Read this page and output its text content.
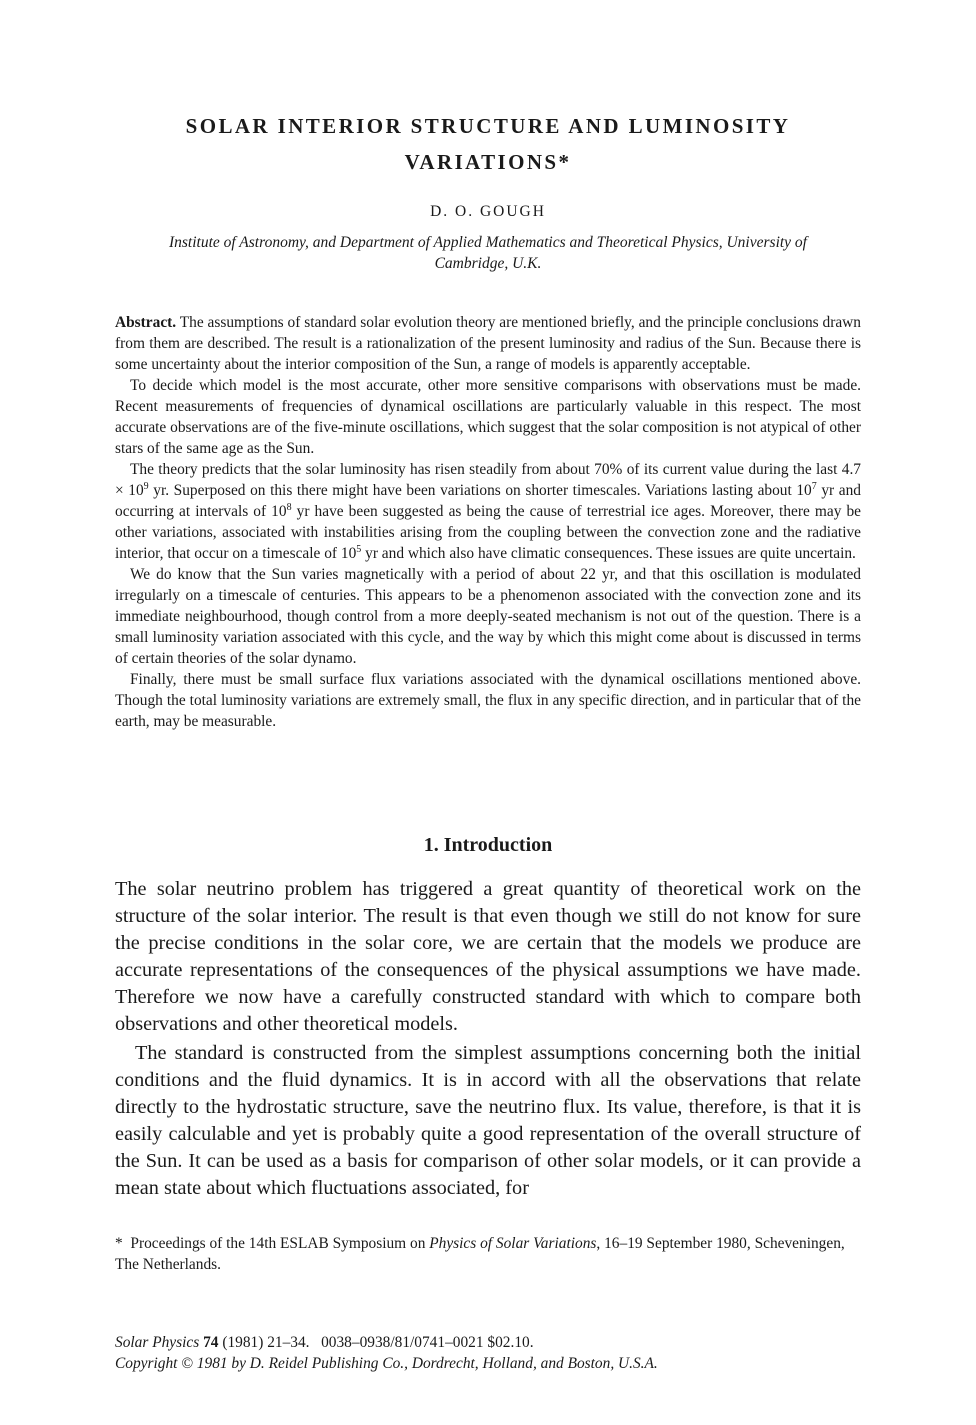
SOLAR INTERIOR STRUCTURE AND LUMINOSITY
VARIATIONS*
D. O. GOUGH
Institute of Astronomy, and Department of Applied Mathematics and Theoretical Physics, University of
Cambridge, U.K.

Abstract. The assumptions of standard solar evolution theory are mentioned briefly, and the principle conclusions drawn from them are described. The result is a rationalization of the present luminosity and radius of the Sun. Because there is some uncertainty about the interior composition of the Sun, a range of models is apparently acceptable.

To decide which model is the most accurate, other more sensitive comparisons with observations must be made. Recent measurements of frequencies of dynamical oscillations are particularly valuable in this respect. The most accurate observations are of the five-minute oscillations, which suggest that the solar composition is not atypical of other stars of the same age as the Sun.

The theory predicts that the solar luminosity has risen steadily from about 70% of its current value during the last $4.7 \times 10^9$ yr. Superposed on this there might have been variations on shorter timescales. Variations lasting about $10^7$ yr and occurring at intervals of $10^8$ yr have been suggested as being the cause of terrestrial ice ages. Moreover, there may be other variations, associated with instabilities arising from the coupling between the convection zone and the radiative interior, that occur on a timescale of $10^5$ yr and which also have climatic consequences. These issues are quite uncertain.

We do know that the Sun varies magnetically with a period of about 22 yr, and that this oscillation is modulated irregularly on a timescale of centuries. This appears to be a phenomenon associated with the convection zone and its immediate neighbourhood, though control from a more deeply-seated mechanism is not out of the question. There is a small luminosity variation associated with this cycle, and the way by which this might come about is discussed in terms of certain theories of the solar dynamo.

Finally, there must be small surface flux variations associated with the dynamical oscillations mentioned above. Though the total luminosity variations are extremely small, the flux in any specific direction, and in particular that of the earth, may be measurable.

1. Introduction

The solar neutrino problem has triggered a great quantity of theoretical work on the structure of the solar interior. The result is that even though we still do not know for sure the precise conditions in the solar core, we are certain that the models we produce are accurate representations of the consequences of the physical assumptions we have made. Therefore we now have a carefully constructed standard with which to compare both observations and other theoretical models.

The standard is constructed from the simplest assumptions concerning both the initial conditions and the fluid dynamics. It is in accord with all the observations that relate directly to the hydrostatic structure, save the neutrino flux. Its value, therefore, is that it is easily calculable and yet is probably quite a good representation of the overall structure of the Sun. It can be used as a basis for comparison of other solar models, or it can provide a mean state about which fluctuations associated, for

* Proceedings of the 14th ESLAB Symposium on Physics of Solar Variations, 16–19 September 1980, Scheveningen, The Netherlands.
Solar Physics 74 (1981) 21–34. 0038–0938/81/0741–0021 $02.10.
Copyright © 1981 by D. Reidel Publishing Co., Dordrecht, Holland, and Boston, U.S.A.
